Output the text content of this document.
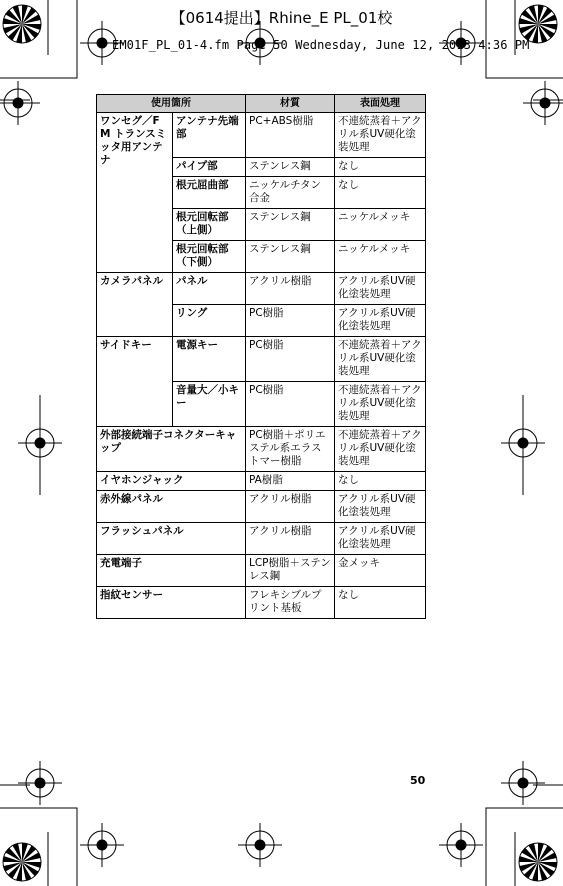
【0614提出】Rhine_E PL_01校
EM01F_PL_01-4.fm Page 50 Wednesday, June 12, 2013 4:36 PM
使用箇所		材質	表面処理
ワンセグ／FM トランスミッタ用アンテナ	アンテナ先端部	PC+ABS樹脂	不連続蒸着＋アクリル系UV硬化塗装処理
	パイプ部	ステンレス鋼	なし
	根元屈曲部	ニッケルチタン合金	なし
	根元回転部（上側）	ステンレス鋼	ニッケルメッキ
	根元回転部（下側）	ステンレス鋼	ニッケルメッキ
カメラパネル	パネル	アクリル樹脂	アクリル系UV硬化塗装処理
	リング	PC樹脂	アクリル系UV硬化塗装処理
サイドキー	電源キー	PC樹脂	不連続蒸着＋アクリル系UV硬化塗装処理
	音量大／小キー	PC樹脂	不連続蒸着＋アクリル系UV硬化塗装処理
外部接続端子コネクターキャップ		PC樹脂＋ポリエステル系エラストマー樹脂	不連続蒸着＋アクリル系UV硬化塗装処理
イヤホンジャック		PA樹脂	なし
赤外線パネル		アクリル樹脂	アクリル系UV硬化塗装処理
フラッシュパネル		アクリル樹脂	アクリル系UV硬化塗装処理
充電端子		LCP樹脂＋ステンレス鋼	金メッキ
指紋センサー		フレキシブルプリント基板	なし
50
